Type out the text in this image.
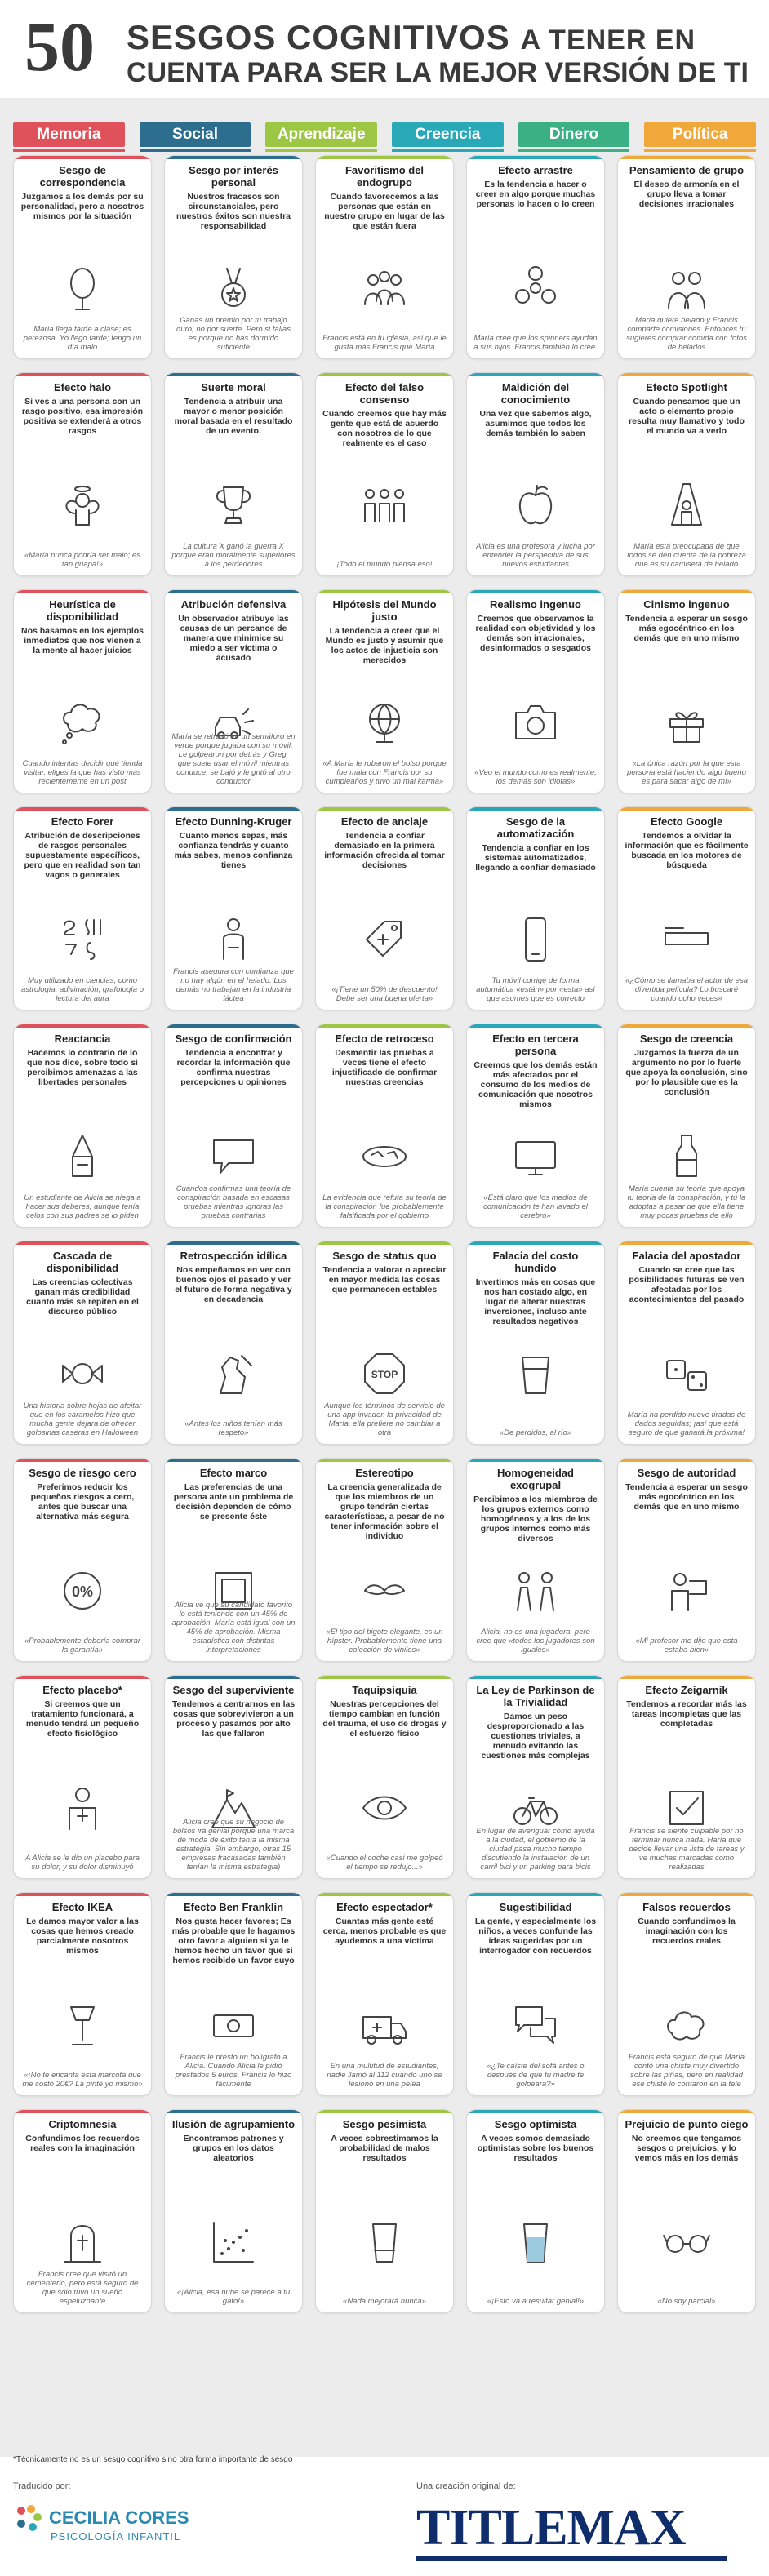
50 SESGOS COGNITIVOS A TENER EN
CUENTA PARA SER LA MEJOR VERSIÓN DE TI
Memoria	Social	Aprendizaje	Creencia	Dinero	Política
Sesgo de correspondencia
Juzgamos a los demás por su personalidad, pero a nosotros mismos por la situación
María llega tarde a clase; es perezosa. Yo llego tarde; tengo un día malo
Sesgo por interés personal
Nuestros fracasos son circunstanciales, pero nuestros éxitos son nuestra responsabilidad
Ganas un premio por tu trabajo duro, no por suerte. Pero si fallas es porque no has dormido suficiente
Favoritismo del endogrupo
Cuando favorecemos a las personas que están en nuestro grupo en lugar de las que están fuera
Francis está en tu iglesia, así que le gusta más Francis que María
Efecto arrastre
Es la tendencia a hacer o creer en algo porque muchas personas lo hacen o lo creen
María cree que los spinners ayudan a sus hijos. Francis también lo cree.
Pensamiento de grupo
El deseo de armonía en el grupo lleva a tomar decisiones irracionales
María quiere helado y Francis comparte comisiones. Entonces tu sugieres comprar comida con fotos de helados
Efecto halo
Si ves a una persona con un rasgo positivo, esa impresión positiva se extenderá a otros rasgos
«María nunca podría ser malo; es tan guapa!»
Suerte moral
Tendencia a atribuir una mayor o menor posición moral basada en el resultado de un evento.
La cultura X ganó la guerra X porque eran moralmente superiores a los perdedores
Efecto del falso consenso
Cuando creemos que hay más gente que está de acuerdo con nosotros de lo que realmente es el caso
¡Todo el mundo piensa eso!
Maldición del conocimiento
Una vez que sabemos algo, asumimos que todos los demás también lo saben
Alicia es una profesora y lucha por entender la perspectiva de sus nuevos estudiantes
Efecto Spotlight
Cuando pensamos que un acto o elemento propio resulta muy llamativo y todo el mundo va a verlo
María está preocupada de que todos se den cuenta de la pobreza que es su camiseta de helado
Heurística de disponibilidad
Nos basamos en los ejemplos inmediatos que nos vienen a la mente al hacer juicios
Cuando intentas decidir qué tienda visitar, eliges la que has visto más recientemente en un post
Atribución defensiva
Un observador atribuye las causas de un percance de manera que minimice su miedo a ser víctima o acusado
María se retrasó en un semáforo en verde porque jugaba con su móvil. Le golpearon por detrás y Greg, que suele usar el móvil mientras conduce, se bajó y le gritó al otro conductor
Hipótesis del Mundo justo
La tendencia a creer que el Mundo es justo y asumir que los actos de injusticia son merecidos
«A María le robaron el bolso porque fue mala con Francis por su cumpleaños y tuvo un mal karma»
Realismo ingenuo
Creemos que observamos la realidad con objetividad y los demás son irracionales, desinformados o sesgados
«Veo el mundo como es realmente, los demás son idiotas»
Cinismo ingenuo
Tendencia a esperar un sesgo más egocéntrico en los demás que en uno mismo
«La única razón por la que esta persona está haciendo algo bueno es para sacar algo de mí»
Efecto Forer
Atribución de descripciones de rasgos personales supuestamente específicos, pero que en realidad son tan vagos o generales
Muy utilizado en ciencias, como astrología, adivinación, grafología o lectura del aura
Efecto Dunning-Kruger
Cuanto menos sepas, más confianza tendrás y cuanto más sabes, menos confianza tienes
Francis asegura con confianza que no hay algún en el helado. Los demás no trabajan en la industria láctea
Efecto de anclaje
Tendencia a confiar demasiado en la primera información ofrecida al tomar decisiones
«¡Tiene un 50% de descuento! Debe ser una buena oferta»
Sesgo de la automatización
Tendencia a confiar en los sistemas automatizados, llegando a confiar demasiado
Tu móvil corrige de forma automática «están» por «esta» así que asumes que es correcto
Efecto Google
Tendemos a olvidar la información que es fácilmente buscada en los motores de búsqueda
«¿Cómo se llamaba el actor de esa divertida película? Lo buscaré cuando ocho veces»
Reactancia
Hacemos lo contrario de lo que nos dice, sobre todo si percibimos amenazas a las libertades personales
Un estudiante de Alicia se niega a hacer sus deberes, aunque tenía celos con sus padres se lo piden
Sesgo de confirmación
Tendencia a encontrar y recordar la información que confirma nuestras percepciones u opiniones
Cuándos confirmas una teoría de conspiración basada en escasas pruebas mientras ignoras las pruebas contrarias
Efecto de retroceso
Desmentir las pruebas a veces tiene el efecto injustificado de confirmar nuestras creencias
La evidencia que refuta su teoría de la conspiración fue probablemente falsificada por el gobierno
Efecto en tercera persona
Creemos que los demás están más afectados por el consumo de los medios de comunicación que nosotros mismos
«Está claro que los medios de comunicación te han lavado el cerebro»
Sesgo de creencia
Juzgamos la fuerza de un argumento no por lo fuerte que apoya la conclusión, sino por lo plausible que es la conclusión
María cuenta su teoría que apoya tu teoría de la conspiración, y tú la adoptas a pesar de que ella tiene muy pocas pruebas de ello
Cascada de disponibilidad
Las creencias colectivas ganan más credibilidad cuanto más se repiten en el discurso público
Una historia sobre hojas de afeitar que en los caramelos hizo que mucha gente dejara de ofrecer golosinas caseras en Halloween
Retrospección idílica
Nos empeñamos en ver con buenos ojos el pasado y ver el futuro de forma negativa y en decadencia
«Antes los niños tenían más respeto»
Sesgo de status quo
Tendencia a valorar o apreciar en mayor medida las cosas que permanecen estables
STOP
Aunque los términos de servicio de una app invaden la privacidad de María, ella prefiere no cambiar a otra
Falacia del costo hundido
Invertimos más en cosas que nos han costado algo, en lugar de alterar nuestras inversiones, incluso ante resultados negativos
«De perdidos, al río»
Falacia del apostador
Cuando se cree que las posibilidades futuras se ven afectadas por los acontecimientos del pasado
María ha perdido nueve tiradas de dados seguidas; ¡así que está seguro de que ganará la próxima!
Sesgo de riesgo cero
Preferimos reducir los pequeños riesgos a cero, antes que buscar una alternativa más segura
0%
«Probablemente debería comprar la garantía»
Efecto marco
Las preferencias de una persona ante un problema de decisión dependen de cómo se presente éste
Alicia ve que su candidato favorito lo está teniendo con un 45% de aprobación. María está igual con un 45% de aprobación. Misma estadística con distintas interpretaciones
Estereotipo
La creencia generalizada de que los miembros de un grupo tendrán ciertas características, a pesar de no tener información sobre el individuo
«El tipo del bigote elegante, es un hípster. Probablemente tiene una colección de vinilos»
Homogeneidad exogrupal
Percibimos a los miembros de los grupos externos como homogéneos y a los de los grupos internos como más diversos
Alicia, no es una jugadora, pero cree que «todos los jugadores son iguales»
Sesgo de autoridad
Tendencia a esperar un sesgo más egocéntrico en los demás que en uno mismo
«Mi profesor me dijo que esta estaba bien»
Efecto placebo*
Si creemos que un tratamiento funcionará, a menudo tendrá un pequeño efecto fisiológico
A Alicia se le dio un placebo para su dolor, y su dolor disminuyó
Sesgo del superviviente
Tendemos a centrarnos en las cosas que sobrevivieron a un proceso y pasamos por alto las que fallaron
Alicia cree que su negocio de bolsos irá genial porque una marca de moda de éxito tenía la misma estrategia. Sin embargo, otras 15 empresas fracasadas también tenían la misma estrategia)
Taquipsiquia
Nuestras percepciones del tiempo cambian en función del trauma, el uso de drogas y el esfuerzo físico
«Cuando el coche casi me golpeó el tiempo se redujo...»
La Ley de Parkinson de la Trivialidad
Damos un peso desproporcionado a las cuestiones triviales, a menudo evitando las cuestiones más complejas
En lugar de averiguar cómo ayuda a la ciudad, el gobierno de la ciudad pasa mucho tiempo discutiendo la instalación de un carril bici y un parking para bicis
Efecto Zeigarnik
Tendemos a recordar más las tareas incompletas que las completadas
Francis se siente culpable por no terminar nunca nada. Haría que decide llevar una lista de tareas y ve muchas marcadas como realizadas
Efecto IKEA
Le damos mayor valor a las cosas que hemos creado parcialmente nosotros mismos
«¡No te encanta esta marcota que me costó 20€? La pinté yo mismo»
Efecto Ben Franklin
Nos gusta hacer favores; Es más probable que le hagamos otro favor a alguien si ya le hemos hecho un favor que si hemos recibido un favor suyo
Francis le presto un bolígrafo a Alicia. Cuando Alicia le pidió prestados 5 euros, Francis lo hizo fácilmente
Efecto espectador*
Cuantas más gente esté cerca, menos probable es que ayudemos a una víctima
En una multitud de estudiantes, nadie llamó al 112 cuando uno se lesionó en una pelea
Sugestibilidad
La gente, y especialmente los niños, a veces confunde las ideas sugeridas por un interrogador con recuerdos
«¿Te caíste del sofá antes o después de que tu madre te golpeara?»
Falsos recuerdos
Cuando confundimos la imaginación con los recuerdos reales
Francis está seguro de que María contó una chiste muy divertido sobre las piñas, pero en realidad ese chiste lo contaron en la tele
Criptomnesia
Confundimos los recuerdos reales con la imaginación
Francis cree que visitó un cementerio, pero está seguro de que sólo tuvo un sueño espeluznante
Ilusión de agrupamiento
Encontramos patrones y grupos en los datos aleatorios
«¡Alicia, esa nube se parece a tu gato!»
Sesgo pesimista
A veces sobrestimamos la probabilidad de malos resultados
«Nada mejorará nunca»
Sesgo optimista
A veces somos demasiado optimistas sobre los buenos resultados
«¡Esto va a resultar genial!»
Prejuicio de punto ciego
No creemos que tengamos sesgos o prejuicios, y lo vemos más en los demás
«No soy parcial»
*Técnicamente no es un sesgo cognitivo sino otra forma importante de sesgo
Traducido por:
CECILIA CORES
PSICOLOGÍA INFANTIL
Una creación original de:
TITLEMAX
